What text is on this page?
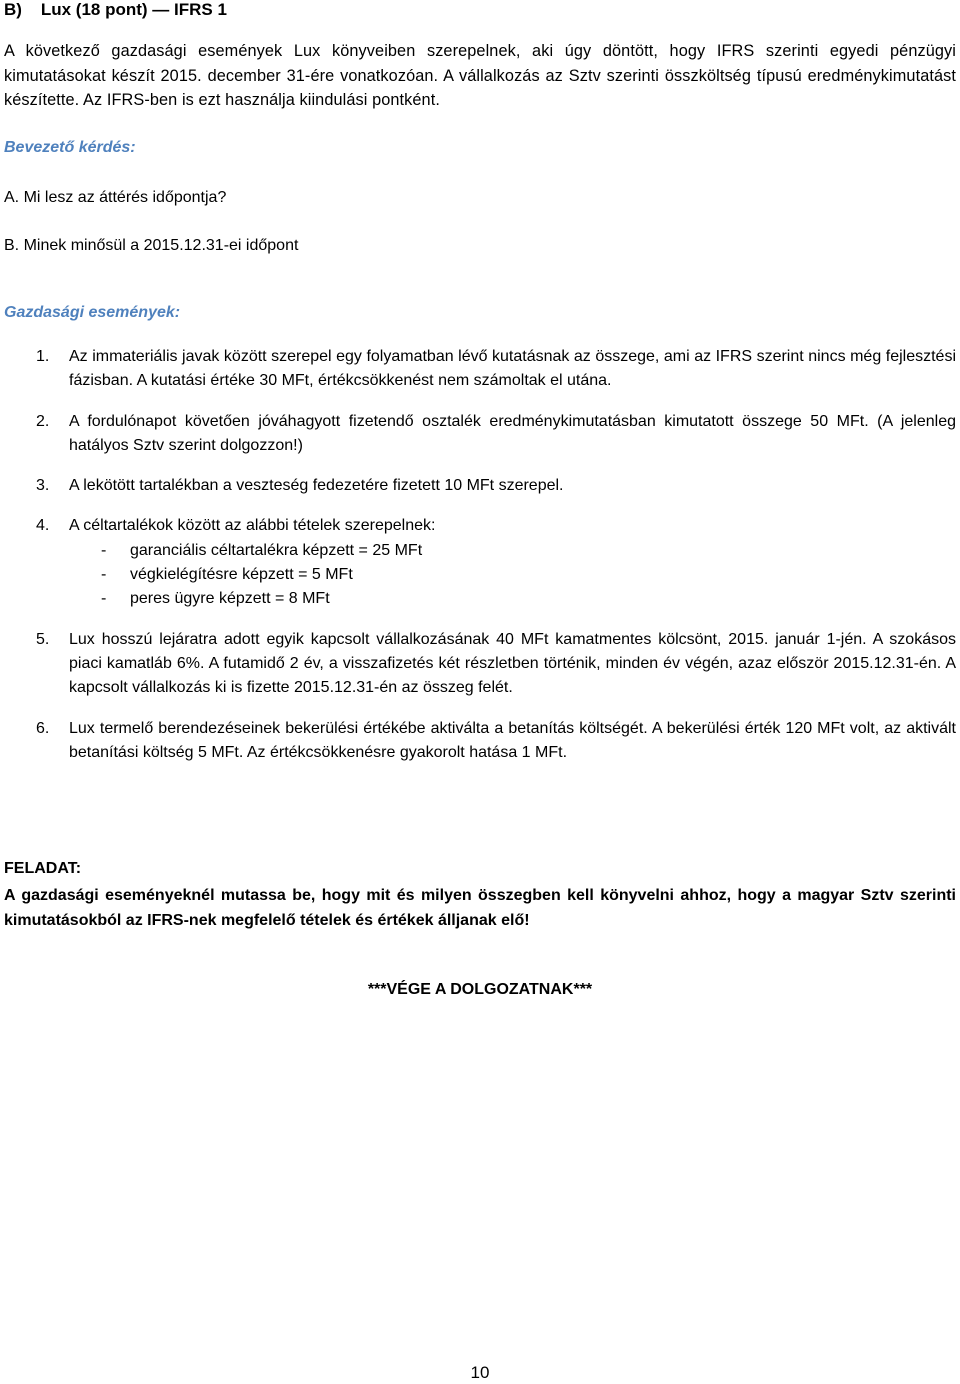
B)    Lux (18 pont) — IFRS 1

A következő gazdasági események Lux könyveiben szerepelnek, aki úgy döntött, hogy IFRS szerinti egyedi pénzügyi kimutatásokat készít 2015. december 31-ére vonatkozóan. A vállalkozás az Sztv szerinti összköltség típusú eredménykimutatást készítette. Az IFRS-ben is ezt használja kiindulási pontként.

Bevezető kérdés:

A. Mi lesz az áttérés időpontja?

B. Minek minősül a 2015.12.31-ei időpont

Gazdasági események:

1. Az immateriális javak között szerepel egy folyamatban lévő kutatásnak az összege, ami az IFRS szerint nincs még fejlesztési fázisban. A kutatási értéke 30 MFt, értékcsökkenést nem számoltak el utána.
2. A fordulónapot követően jóváhagyott fizetendő osztalék eredménykimutatásban kimutatott összege 50 MFt. (A jelenleg hatályos Sztv szerint dolgozzon!)
3. A lekötött tartalékban a veszteség fedezetére fizetett 10 MFt szerepel.
4. A céltartalékok között az alábbi tételek szerepelnek:
-	garanciális céltartalékra képzett = 25 MFt
-	végkielégítésre képzett = 5 MFt
-	peres ügyre képzett = 8 MFt
5. Lux hosszú lejáratra adott egyik kapcsolt vállalkozásának 40 MFt kamatmentes kölcsönt, 2015. január 1-jén. A szokásos piaci kamatláb 6%. A futamidő 2 év, a visszafizetés két részletben történik, minden év végén, azaz először 2015.12.31-én. A kapcsolt vállalkozás ki is fizette 2015.12.31-én az összeg felét.
6. Lux termelő berendezéseinek bekerülési értékébe aktiválta a betanítás költségét. A bekerülési érték 120 MFt volt, az aktivált betanítási költség 5 MFt. Az értékcsökkenésre gyakorolt hatása 1 MFt.

FELADAT:

A gazdasági eseményeknél mutassa be, hogy mit és milyen összegben kell könyvelni ahhoz, hogy a magyar Sztv szerinti kimutatásokból az IFRS-nek megfelelő tételek és értékek álljanak elő!

***VÉGE A DOLGOZATNAK***
10
